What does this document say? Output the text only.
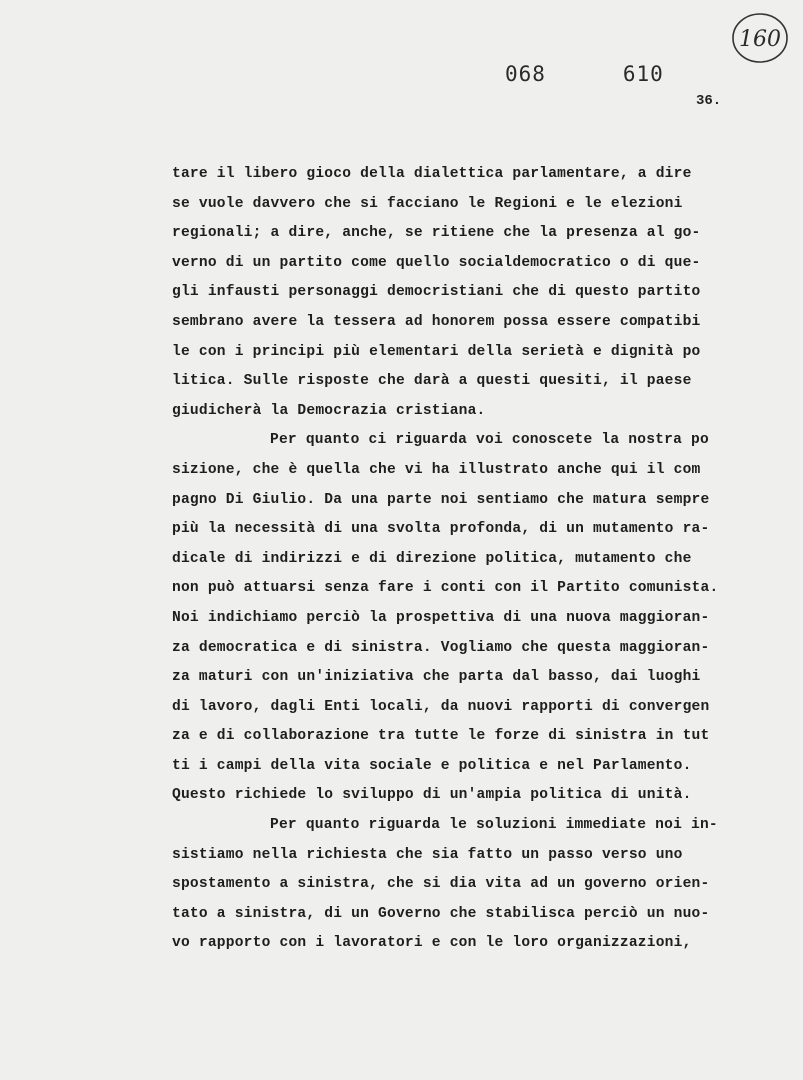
160
068   610
36.
tare il libero gioco della dialettica parlamentare, a dire
se vuole davvero che si facciano le Regioni e le elezioni
regionali; a dire, anche, se ritiene che la presenza al go-
verno di un partito come quello socialdemocratico o di que-
gli infausti personaggi democristiani che di questo partito
sembrano avere la tessera ad honorem possa essere compatibi
le con i principi più elementari della serietà e dignità po
litica. Sulle risposte che darà a questi quesiti, il paese
giudicherà la Democrazia cristiana.
Per quanto ci riguarda voi conoscete la nostra po
sizione, che è quella che vi ha illustrato anche qui il com
pagno Di Giulio. Da una parte noi sentiamo che matura sempre
più la necessità di una svolta profonda, di un mutamento ra-
dicale di indirizzi e di direzione politica, mutamento che
non può attuarsi senza fare i conti con il Partito comunista.
Noi indichiamo perciò la prospettiva di una nuova maggioran-
za democratica e di sinistra. Vogliamo che questa maggioran-
za maturi con un'iniziativa che parta dal basso, dai luoghi
di lavoro, dagli Enti locali, da nuovi rapporti di convergen
za e di collaborazione tra tutte le forze di sinistra in tut
ti i campi della vita sociale e politica e nel Parlamento.
Questo richiede lo sviluppo di un'ampia politica di unità.
Per quanto riguarda le soluzioni immediate noi in-
sistiamo nella richiesta che sia fatto un passo verso uno
spostamento a sinistra, che si dia vita ad un governo orien-
tato a sinistra, di un Governo che stabilisca perciò un nuo-
vo rapporto con i lavoratori e con le loro organizzazioni,
